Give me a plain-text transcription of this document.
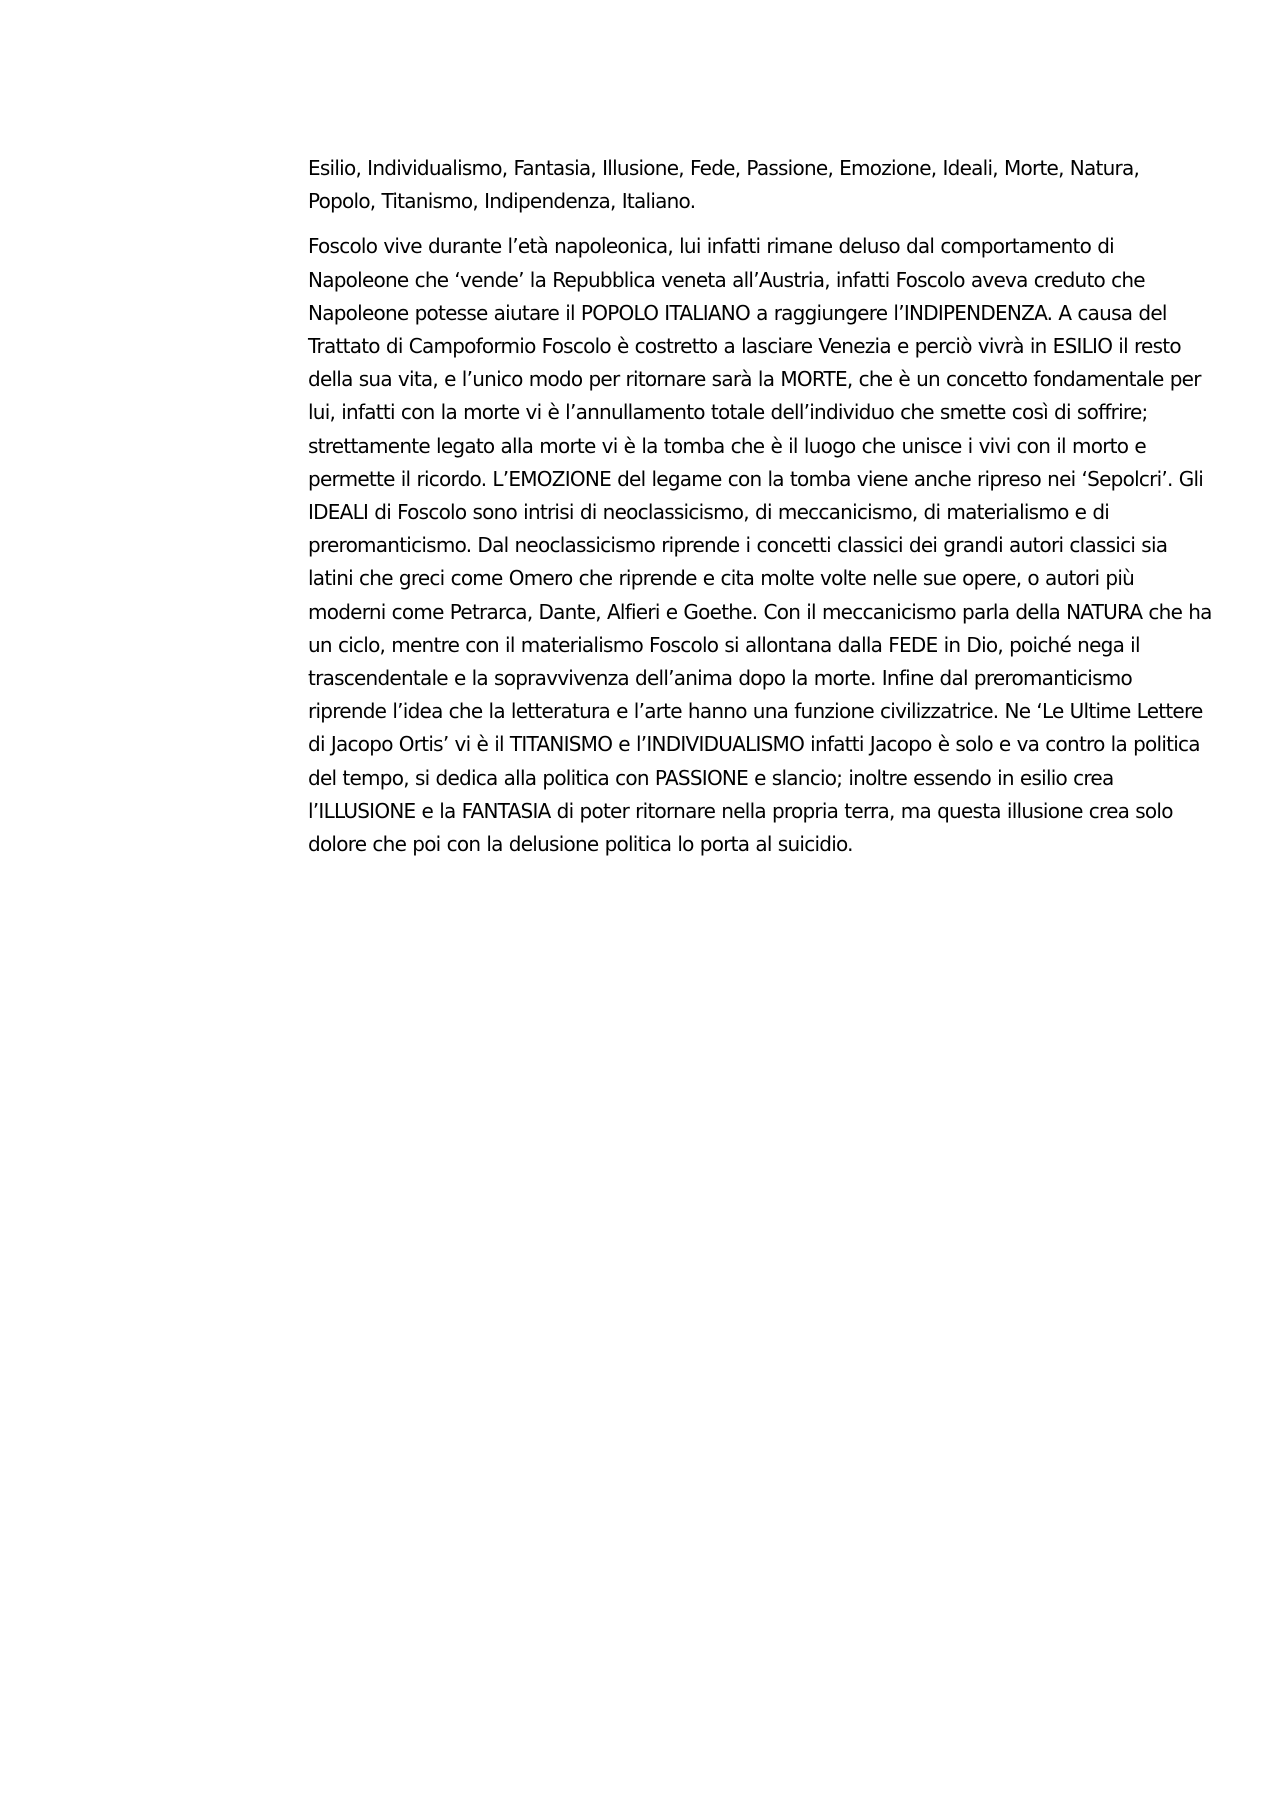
Esilio, Individualismo, Fantasia, Illusione, Fede, Passione, Emozione, Ideali, Morte, Natura, Popolo, Titanismo, Indipendenza, Italiano.

Foscolo vive durante l’età napoleonica, lui infatti rimane deluso dal comportamento di Napoleone che ‘vende’ la Repubblica veneta all’Austria, infatti Foscolo aveva creduto che Napoleone potesse aiutare il POPOLO ITALIANO a raggiungere l’INDIPENDENZA. A causa del Trattato di Campoformio Foscolo è costretto a lasciare Venezia e perciò vivrà in ESILIO il resto della sua vita, e l’unico modo per ritornare sarà la MORTE, che è un concetto fondamentale per lui, infatti con la morte vi è l’annullamento totale dell’individuo che smette così di soffrire; strettamente legato alla morte vi è la tomba che è il luogo che unisce i vivi con il morto e permette il ricordo. L’EMOZIONE del legame con la tomba viene anche ripreso nei ‘Sepolcri’. Gli IDEALI di Foscolo sono intrisi di neoclassicismo, di meccanicismo, di materialismo e di preromanticismo. Dal neoclassicismo riprende i concetti classici dei grandi autori classici sia latini che greci come Omero che riprende e cita molte volte nelle sue opere, o autori più moderni come Petrarca, Dante, Alfieri e Goethe. Con il meccanicismo parla della NATURA che ha un ciclo, mentre con il materialismo Foscolo si allontana dalla FEDE in Dio, poiché nega il trascendentale e la sopravvivenza dell’anima dopo la morte. Infine dal preromanticismo riprende l’idea che la letteratura e l’arte hanno una funzione civilizzatrice. Ne ‘Le Ultime Lettere di Jacopo Ortis’ vi è il TITANISMO e l’INDIVIDUALISMO infatti Jacopo è solo e va contro la politica del tempo, si dedica alla politica con PASSIONE e slancio; inoltre essendo in esilio crea l’ILLUSIONE e la FANTASIA di poter ritornare nella propria terra, ma questa illusione crea solo dolore che poi con la delusione politica lo porta al suicidio.
